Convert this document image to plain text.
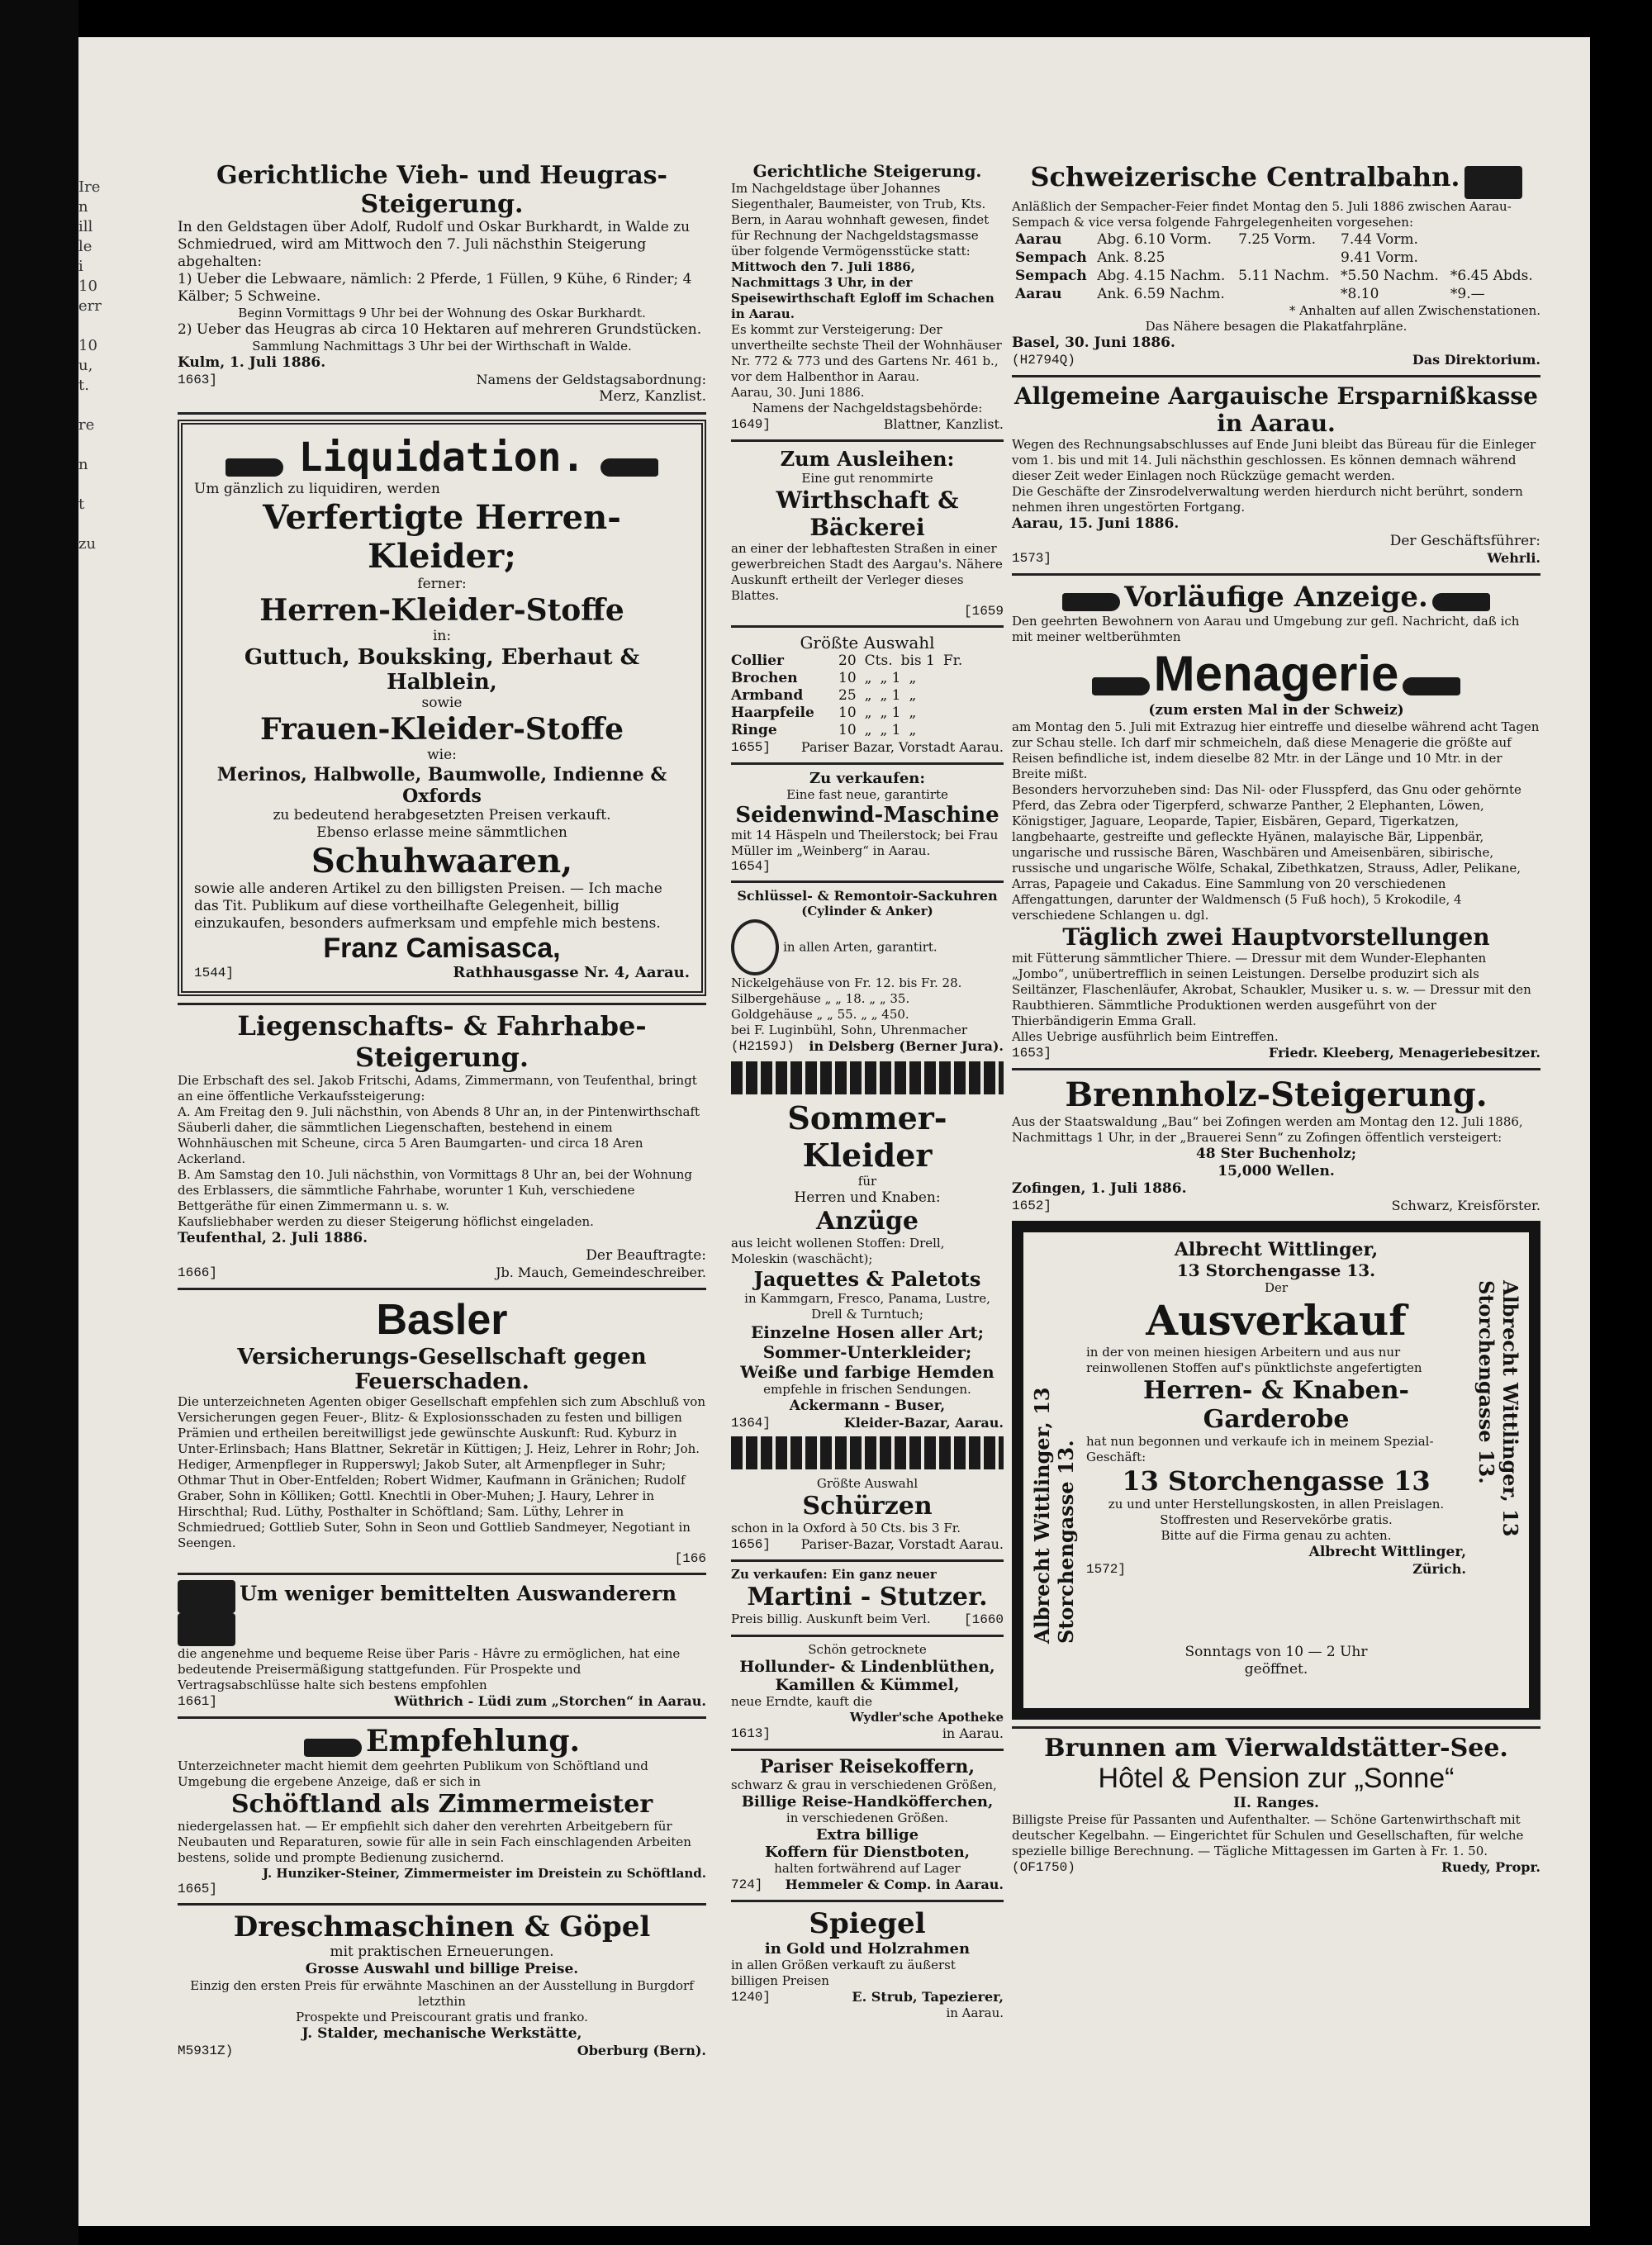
Ire
n
ill
le
i
10
err

10
u,
t.

re

n

t

zu
Gerichtliche Vieh- und Heugras-Steigerung.
In den Geldstagen über Adolf, Rudolf und Oskar Burkhardt, in Walde zu Schmiedrued, wird am Mittwoch den 7. Juli nächsthin Steigerung abgehalten:
1) Ueber die Lebwaare, nämlich: 2 Pferde, 1 Füllen, 9 Kühe, 6 Rinder; 4 Kälber; 5 Schweine.
Beginn Vormittags 9 Uhr bei der Wohnung des Oskar Burkhardt.
2) Ueber das Heugras ab circa 10 Hektaren auf mehreren Grundstücken.
Sammlung Nachmittags 3 Uhr bei der Wirthschaft in Walde.
Kulm, 1. Juli 1886.
1663]	Namens der Geldstagsabordnung:
Merz, Kanzlist.
Liquidation.
Um gänzlich zu liquidiren, werden
Verfertigte Herren-Kleider;
ferner:
Herren-Kleider-Stoffe
in:
Guttuch, Bouksking, Eberhaut & Halblein,
sowie
Frauen-Kleider-Stoffe
wie:
Merinos, Halbwolle, Baumwolle, Indienne & Oxfords
zu bedeutend herabgesetzten Preisen verkauft.
Ebenso erlasse meine sämmtlichen
Schuhwaaren,
sowie alle anderen Artikel zu den billigsten Preisen. — Ich mache das Tit. Publikum auf diese vortheilhafte Gelegenheit, billig einzukaufen, besonders aufmerksam und empfehle mich bestens.
Franz Camisasca,
1544]	Rathhausgasse Nr. 4, Aarau.
Liegenschafts- & Fahrhabe-Steigerung.
Die Erbschaft des sel. Jakob Fritschi, Adams, Zimmermann, von Teufenthal, bringt an eine öffentliche Verkaufssteigerung:
A. Am Freitag den 9. Juli nächsthin, von Abends 8 Uhr an, in der Pintenwirthschaft Säuberli daher, die sämmtlichen Liegenschaften, bestehend in einem Wohnhäuschen mit Scheune, circa 5 Aren Baumgarten- und circa 18 Aren Ackerland.
B. Am Samstag den 10. Juli nächsthin, von Vormittags 8 Uhr an, bei der Wohnung des Erblassers, die sämmtliche Fahrhabe, worunter 1 Kuh, verschiedene Bettgeräthe für einen Zimmermann u. s. w.
Kaufsliebhaber werden zu dieser Steigerung höflichst eingeladen.
Teufenthal, 2. Juli 1886.
Der Beauftragte:
1666]	Jb. Mauch, Gemeindeschreiber.
Basler
Versicherungs-Gesellschaft gegen Feuerschaden.
Die unterzeichneten Agenten obiger Gesellschaft empfehlen sich zum Abschluß von Versicherungen gegen Feuer-, Blitz- & Explosionsschaden zu festen und billigen Prämien und ertheilen bereitwilligst jede gewünschte Auskunft: Rud. Kyburz in Unter-Erlinsbach; Hans Blattner, Sekretär in Küttigen; J. Heiz, Lehrer in Rohr; Joh. Hediger, Armenpfleger in Rupperswyl; Jakob Suter, alt Armenpfleger in Suhr; Othmar Thut in Ober-Entfelden; Robert Widmer, Kaufmann in Gränichen; Rudolf Graber, Sohn in Kölliken; Gottl. Knechtli in Ober-Muhen; J. Haury, Lehrer in Hirschthal; Rud. Lüthy, Posthalter in Schöftland; Sam. Lüthy, Lehrer in Schmiedrued; Gottlieb Suter, Sohn in Seon und Gottlieb Sandmeyer, Negotiant in Seengen.
[166
Um weniger bemittelten Auswanderern
die angenehme und bequeme Reise über Paris - Hâvre zu ermöglichen, hat eine bedeutende Preisermäßigung stattgefunden. Für Prospekte und Vertragsabschlüsse halte sich bestens empfohlen
1661]	Wüthrich - Lüdi zum „Storchen“ in Aarau.
Empfehlung.
Unterzeichneter macht hiemit dem geehrten Publikum von Schöftland und Umgebung die ergebene Anzeige, daß er sich in
Schöftland als Zimmermeister
niedergelassen hat. — Er empfiehlt sich daher den verehrten Arbeitgebern für Neubauten und Reparaturen, sowie für alle in sein Fach einschlagenden Arbeiten bestens, solide und prompte Bedienung zusichernd.
J. Hunziker-Steiner, Zimmermeister im Dreistein zu Schöftland.
1665]
Dreschmaschinen & Göpel
mit praktischen Erneuerungen.
Grosse Auswahl und billige Preise.
Einzig den ersten Preis für erwähnte Maschinen an der Ausstellung in Burgdorf letzthin
Prospekte und Preiscourant gratis und franko.
J. Stalder, mechanische Werkstätte,
M5931Z)	Oberburg (Bern).
Gerichtliche Steigerung.
Im Nachgeldstage über Johannes Siegenthaler, Baumeister, von Trub, Kts. Bern, in Aarau wohnhaft gewesen, findet für Rechnung der Nachgeldstagsmasse über folgende Vermögensstücke statt:
Mittwoch den 7. Juli 1886, Nachmittags 3 Uhr, in der Speisewirthschaft Egloff im Schachen in Aarau.
Es kommt zur Versteigerung: Der unvertheilte sechste Theil der Wohnhäuser Nr. 772 & 773 und des Gartens Nr. 461 b., vor dem Halbenthor in Aarau.
Aarau, 30. Juni 1886.
Namens der Nachgeldstagsbehörde:
1649]	Blattner, Kanzlist.
Zum Ausleihen:
Eine gut renommirte
Wirthschaft & Bäckerei
an einer der lebhaftesten Straßen in einer gewerbreichen Stadt des Aargau's. Nähere Auskunft ertheilt der Verleger dieses Blattes.
[1659
Größte Auswahl
Collier	20 Cts. bis 1 Fr.
Brochen	10 „ „ 1 „
Armband	25 „ „ 1 „
Haarpfeile	10 „ „ 1 „
Ringe	10 „ „ 1 „
1655] Pariser Bazar, Vorstadt Aarau.
Zu verkaufen:
Eine fast neue, garantirte
Seidenwind-Maschine
mit 14 Häspeln und Theilerstock; bei Frau Müller im „Weinberg“ in Aarau.
1654]
Schlüssel- & Remontoir-Sackuhren
(Cylinder & Anker)
in allen Arten, garantirt.
Nickelgehäuse von Fr. 12. bis Fr. 28.
Silbergehäuse „ „ 18. „ „ 35.
Goldgehäuse „ „ 55. „ „ 450.
bei F. Luginbühl, Sohn, Uhrenmacher
(H2159J) in Delsberg (Berner Jura).
Sommer-Kleider
für
Herren und Knaben:
Anzüge
aus leicht wollenen Stoffen: Drell, Moleskin (waschächt);
Jaquettes & Paletots
in Kammgarn, Fresco, Panama, Lustre, Drell & Turntuch;
Einzelne Hosen aller Art;
Sommer-Unterkleider;
Weiße und farbige Hemden
empfehle in frischen Sendungen.
Ackermann - Buser,
1364]	Kleider-Bazar, Aarau.
Größte Auswahl
Schürzen
schon in la Oxford à 50 Cts. bis 3 Fr.
1656] Pariser-Bazar, Vorstadt Aarau.
Zu verkaufen: Ein ganz neuer
Martini - Stutzer.
Preis billig. Auskunft beim Verl.	[1660
Schön getrocknete
Hollunder- & Lindenblüthen,
Kamillen & Kümmel,
neue Erndte, kauft die
Wydler'sche Apotheke
1613]	in Aarau.
Pariser Reisekoffern,
schwarz & grau in verschiedenen Größen,
Billige Reise-Handköfferchen,
in verschiedenen Größen.
Extra billige
Koffern für Dienstboten,
halten fortwährend auf Lager
724] Hemmeler & Comp. in Aarau.
Spiegel
in Gold und Holzrahmen
in allen Größen verkauft zu äußerst billigen Preisen
1240]	E. Strub, Tapezierer,
in Aarau.
Schweizerische Centralbahn.
Anläßlich der Sempacher-Feier findet Montag den 5. Juli 1886 zwischen Aarau-Sempach & vice versa folgende Fahrgelegenheiten vorgesehen:
Aarau	Abg. 6.10 Vorm.	7.25 Vorm.	7.44 Vorm.	
Sempach	Ank. 8.25		9.41 Vorm.	
Sempach	Abg. 4.15 Nachm.	5.11 Nachm.	*5.50 Nachm.	*6.45 Abds.
Aarau	Ank. 6.59 Nachm.		*8.10	*9.—
* Anhalten auf allen Zwischenstationen.
Das Nähere besagen die Plakatfahrpläne.
Basel, 30. Juni 1886.
(H2794Q)	Das Direktorium.
Allgemeine Aargauische Ersparnißkasse in Aarau.
Wegen des Rechnungsabschlusses auf Ende Juni bleibt das Büreau für die Einleger vom 1. bis und mit 14. Juli nächsthin geschlossen. Es können demnach während dieser Zeit weder Einlagen noch Rückzüge gemacht werden.
Die Geschäfte der Zinsrodelverwaltung werden hierdurch nicht berührt, sondern nehmen ihren ungestörten Fortgang.
Aarau, 15. Juni 1886.
Der Geschäftsführer:
1573]	Wehrli.
Vorläufige Anzeige.
Den geehrten Bewohnern von Aarau und Umgebung zur gefl. Nachricht, daß ich mit meiner weltberühmten
Menagerie
(zum ersten Mal in der Schweiz)
am Montag den 5. Juli mit Extrazug hier eintreffe und dieselbe während acht Tagen zur Schau stelle. Ich darf mir schmeicheln, daß diese Menagerie die größte auf Reisen befindliche ist, indem dieselbe 82 Mtr. in der Länge und 10 Mtr. in der Breite mißt.
Besonders hervorzuheben sind: Das Nil- oder Flusspferd, das Gnu oder gehörnte Pferd, das Zebra oder Tigerpferd, schwarze Panther, 2 Elephanten, Löwen, Königstiger, Jaguare, Leoparde, Tapier, Eisbären, Gepard, Tigerkatzen, langbehaarte, gestreifte und gefleckte Hyänen, malayische Bär, Lippenbär, ungarische und russische Bären, Waschbären und Ameisenbären, sibirische, russische und ungarische Wölfe, Schakal, Zibethkatzen, Strauss, Adler, Pelikane, Arras, Papageie und Cakadus. Eine Sammlung von 20 verschiedenen Affengattungen, darunter der Waldmensch (5 Fuß hoch), 5 Krokodile, 4 verschiedene Schlangen u. dgl.
Täglich zwei Hauptvorstellungen
mit Fütterung sämmtlicher Thiere. — Dressur mit dem Wunder-Elephanten „Jombo“, unübertrefflich in seinen Leistungen. Derselbe produzirt sich als Seiltänzer, Flaschenläufer, Akrobat, Schaukler, Musiker u. s. w. — Dressur mit den Raubthieren. Sämmtliche Produktionen werden ausgeführt von der Thierbändigerin Emma Grall.
Alles Uebrige ausführlich beim Eintreffen.
1653]	Friedr. Kleeberg, Menageriebesitzer.
Brennholz-Steigerung.
Aus der Staatswaldung „Bau“ bei Zofingen werden am Montag den 12. Juli 1886, Nachmittags 1 Uhr, in der „Brauerei Senn“ zu Zofingen öffentlich versteigert:
48 Ster Buchenholz;
15,000 Wellen.
Zofingen, 1. Juli 1886.
1652]	Schwarz, Kreisförster.
Albrecht Wittlinger,
13 Storchengasse 13.
Albrecht Wittlinger, 13 Storchengasse 13.
Der
Ausverkauf
in der von meinen hiesigen Arbeitern und aus nur reinwollenen Stoffen auf's pünktlichste angefertigten
Herren- & Knaben-Garderobe
hat nun begonnen und verkaufe ich in meinem Spezial-Geschäft:
13 Storchengasse 13
zu und unter Herstellungskosten, in allen Preislagen.
Stoffresten und Reservekörbe gratis.
Bitte auf die Firma genau zu achten.
Albrecht Wittlinger,
1572]	Zürich.
Albrecht Wittlinger, 13 Storchengasse 13.
Sonntags von 10 — 2 Uhr
geöffnet.
Brunnen am Vierwaldstätter-See.
Hôtel & Pension zur „Sonne“
II. Ranges.
Billigste Preise für Passanten und Aufenthalter. — Schöne Gartenwirthschaft mit deutscher Kegelbahn. — Eingerichtet für Schulen und Gesellschaften, für welche spezielle billige Berechnung. — Tägliche Mittagessen im Garten à Fr. 1. 50.
(OF1750)	Ruedy, Propr.
